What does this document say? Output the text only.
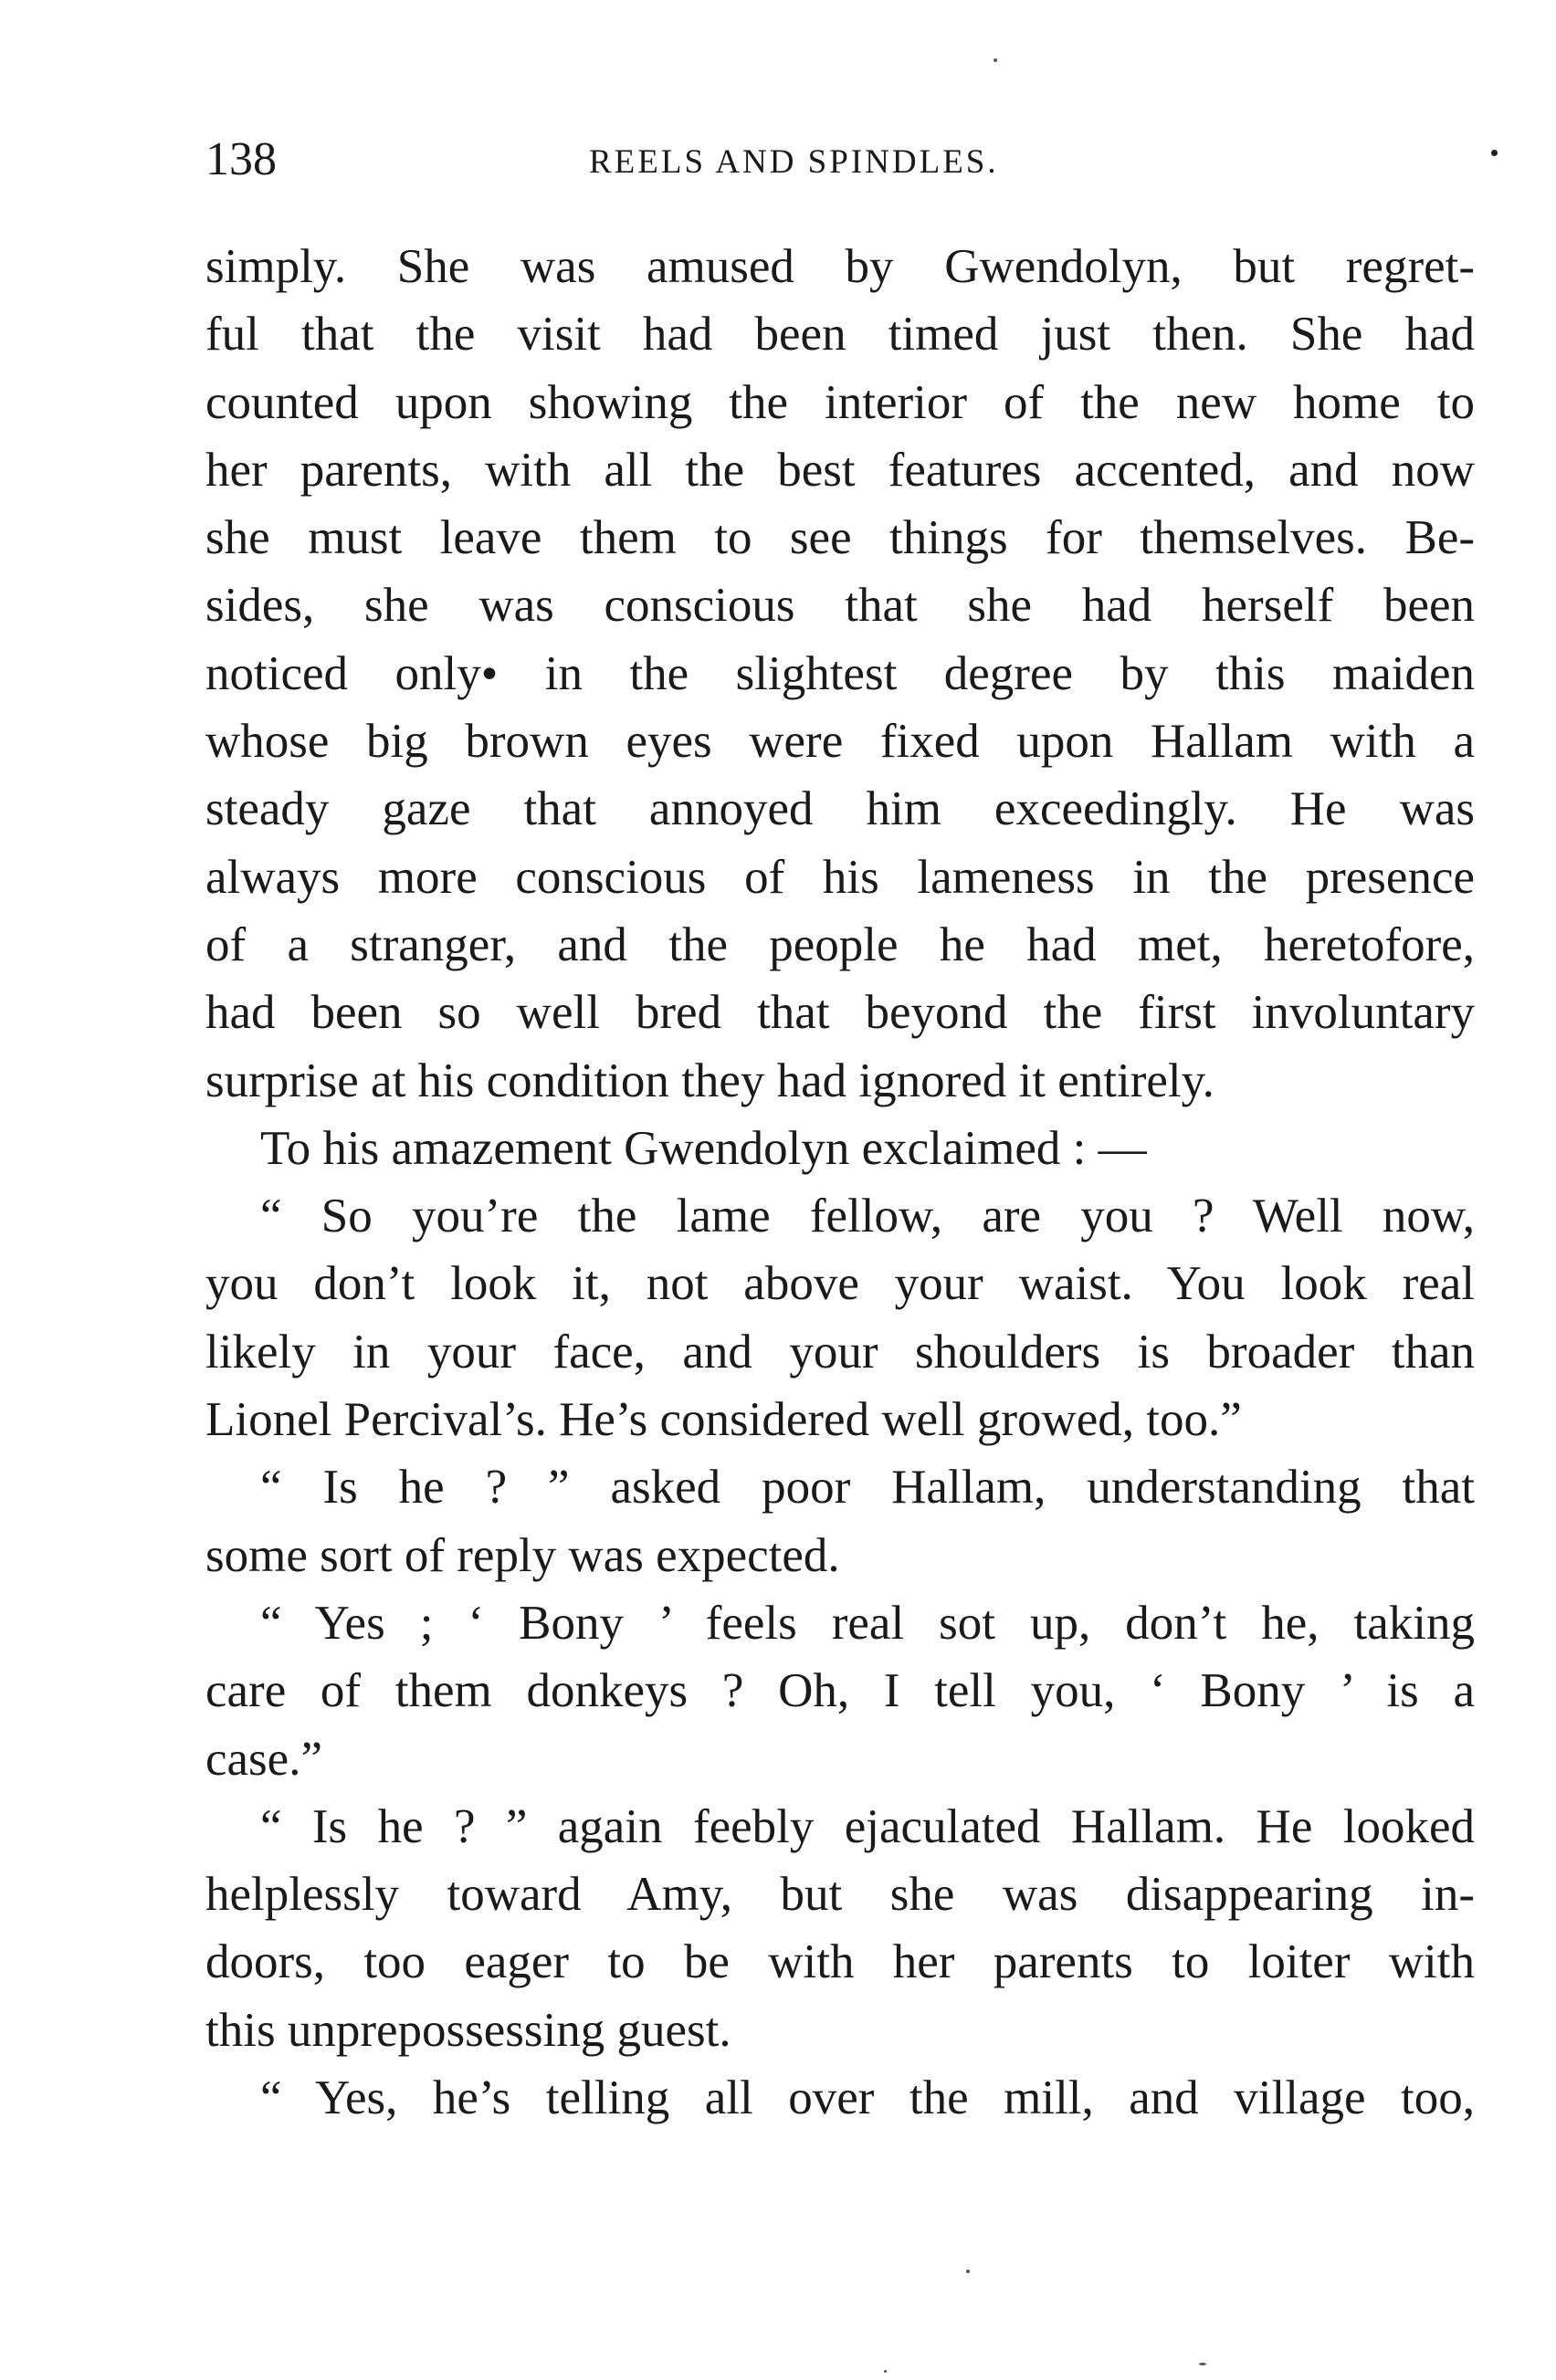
138	REELS AND SPINDLES.
simply. She was amused by Gwendolyn, but regret-
ful that the visit had been timed just then. She had
counted upon showing the interior of the new home to
her parents, with all the best features accented, and now
she must leave them to see things for themselves. Be-
sides, she was conscious that she had herself been
noticed only• in the slightest degree by this maiden
whose big brown eyes were fixed upon Hallam with a
steady gaze that annoyed him exceedingly. He was
always more conscious of his lameness in the presence
of a stranger, and the people he had met, heretofore,
had been so well bred that beyond the first involuntary
surprise at his condition they had ignored it entirely.
To his amazement Gwendolyn exclaimed : —
“ So you’re the lame fellow, are you ? Well now,
you don’t look it, not above your waist. You look real
likely in your face, and your shoulders is broader than
Lionel Percival’s. He’s considered well growed, too.”
“ Is he ? ” asked poor Hallam, understanding that
some sort of reply was expected.
“ Yes ; ‘ Bony ’ feels real sot up, don’t he, taking
care of them donkeys ? Oh, I tell you, ‘ Bony ’ is a
case.”
“ Is he ? ” again feebly ejaculated Hallam. He looked
helplessly toward Amy, but she was disappearing in-
doors, too eager to be with her parents to loiter with
this unprepossessing guest.
“ Yes, he’s telling all over the mill, and village too,
